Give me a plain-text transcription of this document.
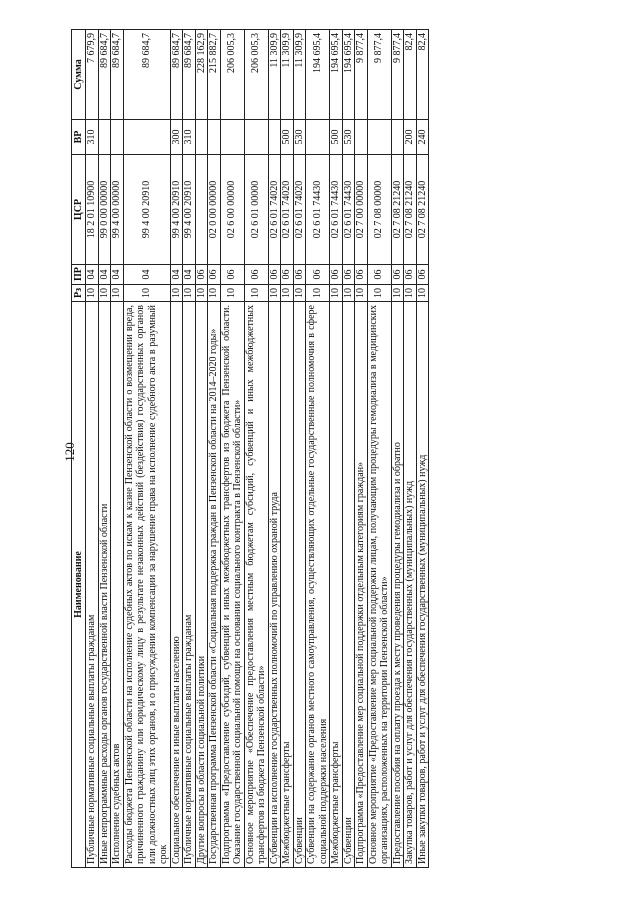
120
Наименование	Рз	ПР	ЦСР	ВР	Сумма
Публичные нормативные социальные выплаты гражданам	10	04	18 2 01 10900	310	7 679,9
Иные непрограммные расходы органов государственной власти Пензенской области	10	04	99 0 00 00000		89 684,7
Исполнение судебных актов	10	04	99 4 00 00000		89 684,7
Расходы бюджета Пензенской области на исполнение судебных актов по искам к казне Пензенской области о возмещении вреда, причиненного гражданину или юридическому лицу в результате незаконных действий (бездействия) государственных органов или должностных лиц этих органов, и о присуждении компенсации за нарушение права на исполнение судебного акта в разумный срок	10	04	99 4 00 20910		89 684,7
Социальное обеспечение и иные выплаты населению	10	04	99 4 00 20910	300	89 684,7
Публичные нормативные социальные выплаты гражданам	10	04	99 4 00 20910	310	89 684,7
Другие вопросы в области социальной политики	10	06			228 162,9
Государственная программа Пензенской области «Социальная поддержка граждан в Пензенской области на 2014–2020 годы»	10	06	02 0 00 00000		215 882,7
Подпрограмма «Предоставление субсидий, субвенций и иных межбюджетных трансфертов из бюджета Пензенской области. Оказание государственной социальной помощи на основании социального контракта в Пензенской области»	10	06	02 6 00 00000		206 005,3
Основное мероприятие «Обеспечение предоставления местным бюджетам субсидий, субвенций и иных межбюджетных трансфертов из бюджета Пензенской области»	10	06	02 6 01 00000		206 005,3
Субвенции на исполнение государственных полномочий по управлению охраной труда	10	06	02 6 01 74020		11 309,9
Межбюджетные трансферты	10	06	02 6 01 74020	500	11 309,9
Субвенции	10	06	02 6 01 74020	530	11 309,9
Субвенции на содержание органов местного самоуправления, осуществляющих отдельные государственные полномочия в сфере социальной поддержки населения	10	06	02 6 01 74430		194 695,4
Межбюджетные трансферты	10	06	02 6 01 74430	500	194 695,4
Субвенции	10	06	02 6 01 74430	530	194 695,4
Подпрограмма «Предоставление мер социальной поддержки отдельным категориям граждан»	10	06	02 7 00 00000		9 877,4
Основное мероприятие «Предоставление мер социальной поддержки лицам, получающим процедуры гемодиализа в медицинских организациях, расположенных на территории Пензенской области»	10	06	02 7 08 00000		9 877,4
Предоставление пособия на оплату проезда к месту проведения процедуры гемодиализа и обратно	10	06	02 7 08 21240		9 877,4
Закупка товаров, работ и услуг для обеспечения государственных (муниципальных) нужд	10	06	02 7 08 21240	200	82,4
Иные закупки товаров, работ и услуг для обеспечения государственных (муниципальных) нужд	10	06	02 7 08 21240	240	82,4
